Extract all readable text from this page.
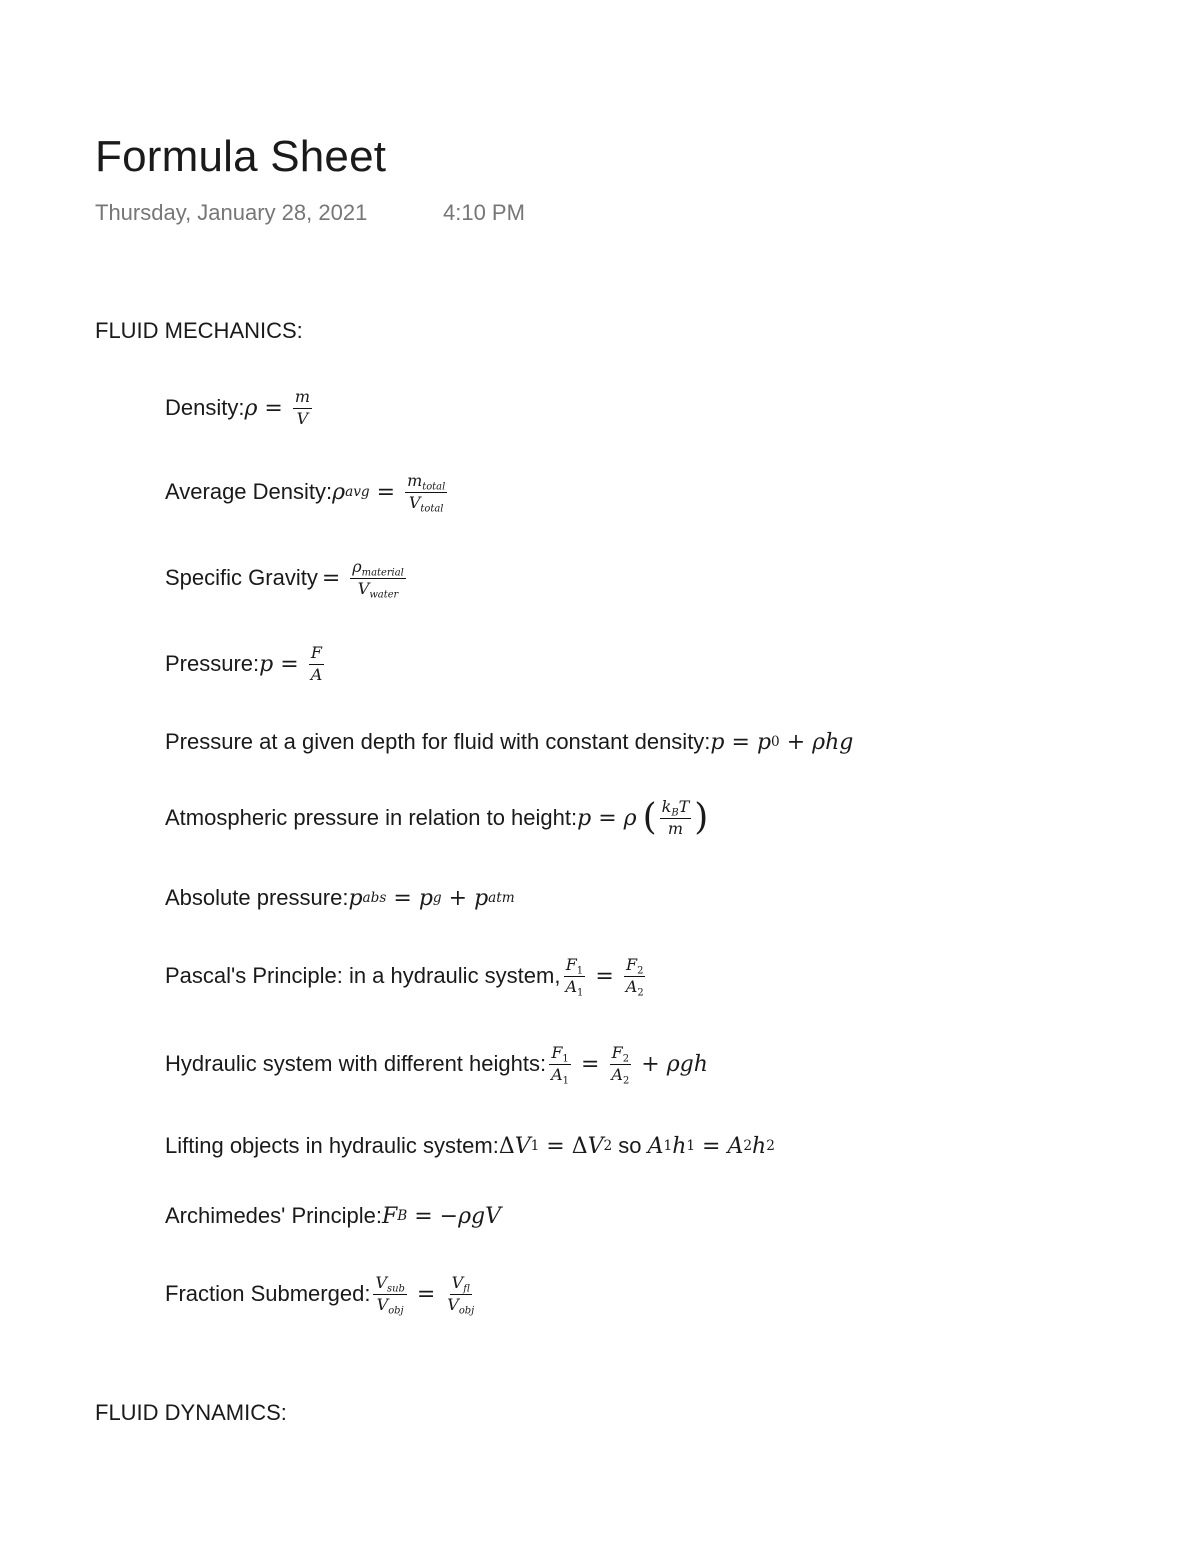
Formula Sheet
Thursday, January 28, 2021	4:10 PM
FLUID MECHANICS:
Density: $\rho = \frac{m}{V}$
Average Density: ρ avg = $\frac{m_{total}}{V_{total}}$
Specific Gravity = $\frac{\rho_{material}}{V_{water}}$
Pressure: $p = \frac{F}{A}$
Pressure at a given depth for fluid with constant density: p = p 0 + ρhg
Atmospheric pressure in relation to height: p = ρ ( $\frac{k_BT}{m}$ )
Absolute pressure: p abs = p g + p atm
Pascal's Principle: in a hydraulic system, $\frac{F_1}{A_1} = \frac{F_2}{A_2}$
Hydraulic system with different heights: $\frac{F_1}{A_1} = \frac{F_2}{A_2} + \rho gh$
Lifting objects in hydraulic system: Δ V 1 = Δ V 2 so A 1 h 1 = A 2 h 2
Archimedes' Principle: F B = − ρgV
Fraction Submerged: $\frac{V_{sub}}{V_{obj}} = \frac{V_{fl}}{V_{obj}}$
FLUID DYNAMICS:
